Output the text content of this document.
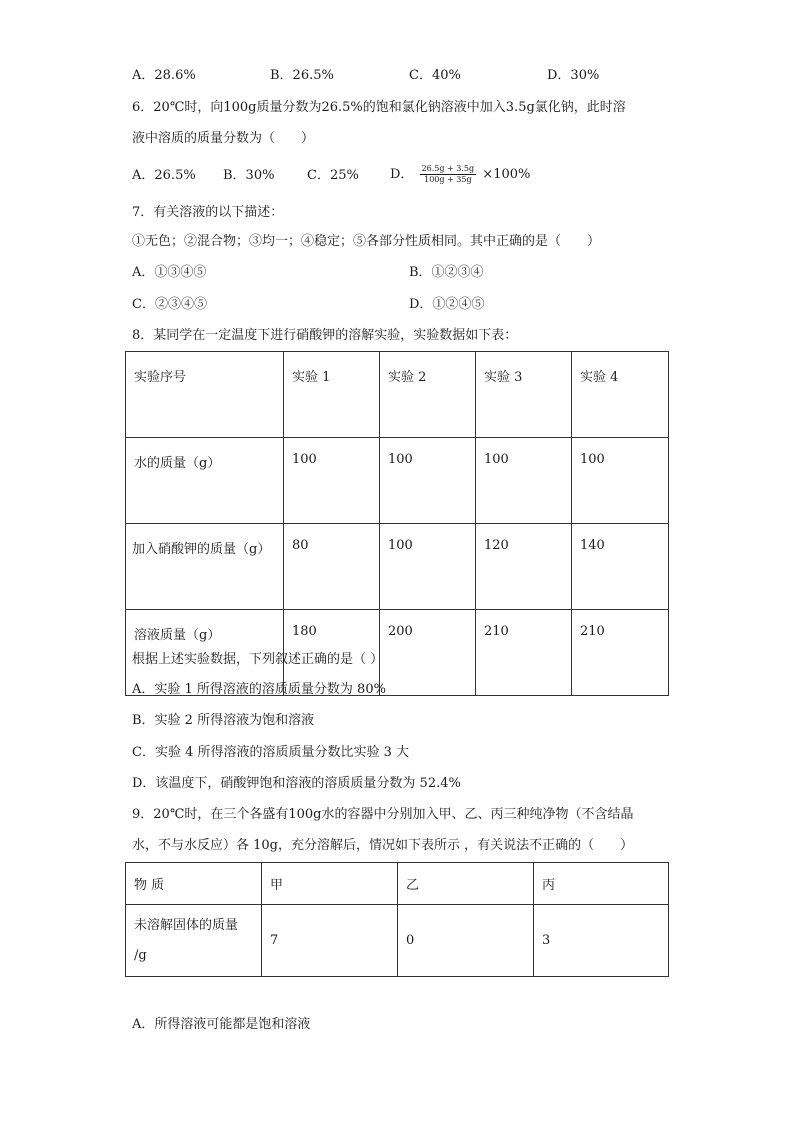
A．28.6%	B．26.5%	C．40%	D．30%
6．20℃时，向100g质量分数为26.5%的饱和氯化钠溶液中加入3.5g氯化钠，此时溶
液中溶质的质量分数为（　　）
A．26.5% B．30%	C．25% D． $\frac{26.5g + 3.5g}{100g + 35g} \times 100\%$
7．有关溶液的以下描述：
①无色；②混合物；③均一；④稳定；⑤各部分性质相同。其中正确的是（　　）
A．①③④⑤	B．①②③④
C．②③④⑤	D．①②④⑤
8．某同学在一定温度下进行硝酸钾的溶解实验，实验数据如下表：
实验序号	实验 1	实验 2	实验 3	实验 4
水的质量（g）	100	100	100	100
加入硝酸钾的质量（g）	80	100	120	140
溶液质量（g）	180	200	210	210
根据上述实验数据，下列叙述正确的是（ ）
A．实验 1 所得溶液的溶质质量分数为 80%
B．实验 2 所得溶液为饱和溶液
C．实验 4 所得溶液的溶质质量分数比实验 3 大
D．该温度下，硝酸钾饱和溶液的溶质质量分数为 52.4%
9．20℃时，在三个各盛有100g水的容器中分别加入甲、乙、丙三种纯净物（不含结晶
水，不与水反应）各 10g，充分溶解后，情况如下表所示 ，有关说法不正确的（　　）
物 质	甲	乙	丙
未溶解固体的质量
/g	7	0	3
A．所得溶液可能都是饱和溶液
